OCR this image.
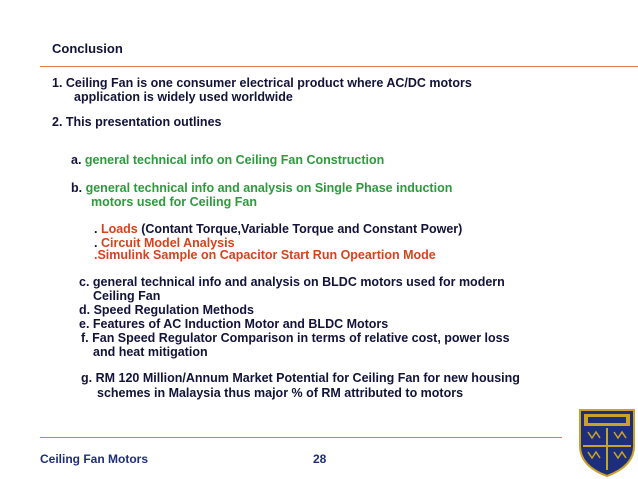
Conclusion
1. Ceiling Fan is one consumer electrical product where AC/DC motors
application is widely used worldwide
2. This presentation outlines
a. general technical info on Ceiling Fan Construction
b. general technical info and analysis on Single Phase induction
motors used for Ceiling Fan
. Loads (Contant Torque,Variable Torque and Constant Power)
. Circuit Model Analysis
.Simulink Sample on Capacitor Start Run Opeartion Mode
c. general technical info and analysis on BLDC motors used for modern
Ceiling Fan
d. Speed Regulation Methods
e. Features of AC Induction Motor and BLDC Motors
f. Fan Speed Regulator Comparison in terms of relative cost, power loss
and heat mitigation
g. RM 120 Million/Annum Market Potential for Ceiling Fan for new housing
schemes in Malaysia thus major % of RM attributed to motors
Ceiling Fan Motors	28
